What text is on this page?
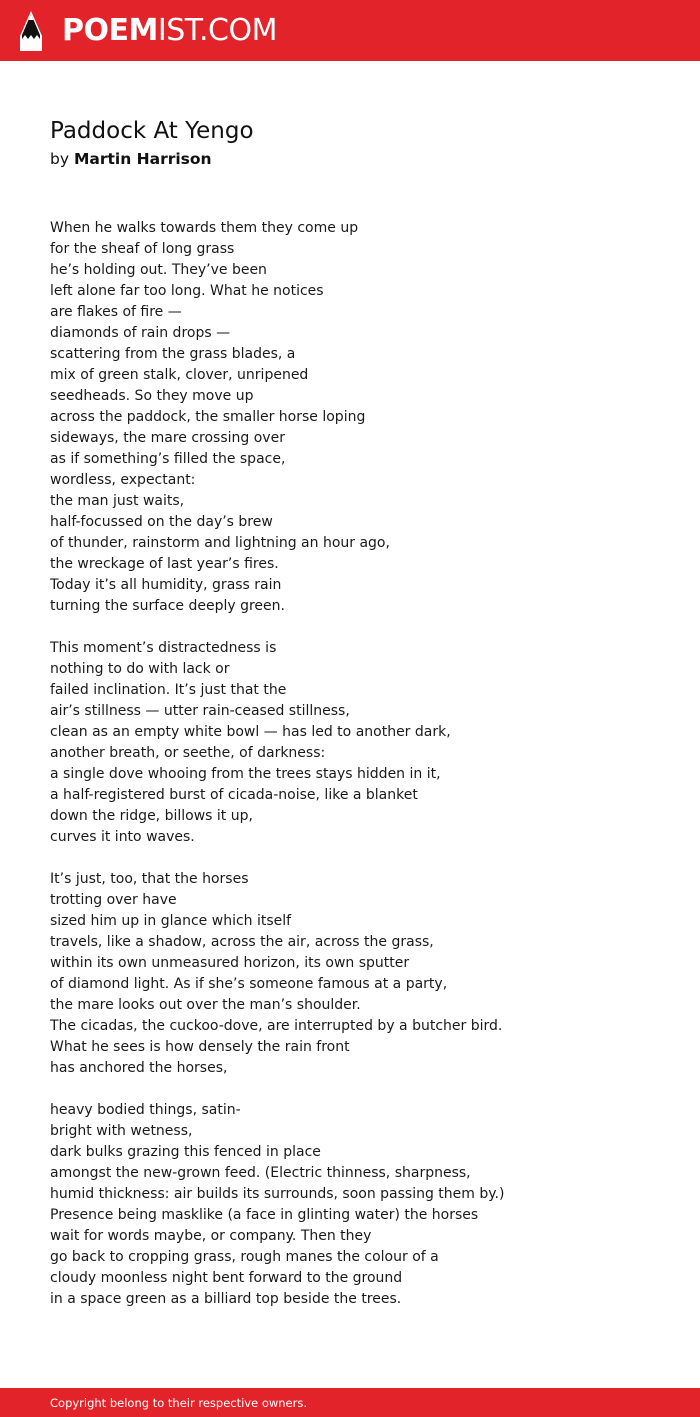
POEMIST.COM
Paddock At Yengo
by Martin Harrison
When he walks towards them they come up
for the sheaf of long grass
he’s holding out. They’ve been
left alone far too long. What he notices
are flakes of fire —
diamonds of rain drops —
scattering from the grass blades, a
mix of green stalk, clover, unripened
seedheads. So they move up
across the paddock, the smaller horse loping
sideways, the mare crossing over
as if something’s filled the space,
wordless, expectant:
the man just waits,
half-focussed on the day’s brew
of thunder, rainstorm and lightning an hour ago,
the wreckage of last year’s fires.
Today it’s all humidity, grass rain
turning the surface deeply green.
This moment’s distractedness is
nothing to do with lack or
failed inclination. It’s just that the
air’s stillness — utter rain-ceased stillness,
clean as an empty white bowl — has led to another dark,
another breath, or seethe, of darkness:
a single dove whooing from the trees stays hidden in it,
a half-registered burst of cicada-noise, like a blanket
down the ridge, billows it up,
curves it into waves.
It’s just, too, that the horses
trotting over have
sized him up in glance which itself
travels, like a shadow, across the air, across the grass,
within its own unmeasured horizon, its own sputter
of diamond light. As if she’s someone famous at a party,
the mare looks out over the man’s shoulder.
The cicadas, the cuckoo-dove, are interrupted by a butcher bird.
What he sees is how densely the rain front
has anchored the horses,
heavy bodied things, satin-
bright with wetness,
dark bulks grazing this fenced in place
amongst the new-grown feed. (Electric thinness, sharpness,
humid thickness: air builds its surrounds, soon passing them by.)
Presence being masklike (a face in glinting water) the horses
wait for words maybe, or company. Then they
go back to cropping grass, rough manes the colour of a
cloudy moonless night bent forward to the ground
in a space green as a billiard top beside the trees.
Copyright belong to their respective owners.
